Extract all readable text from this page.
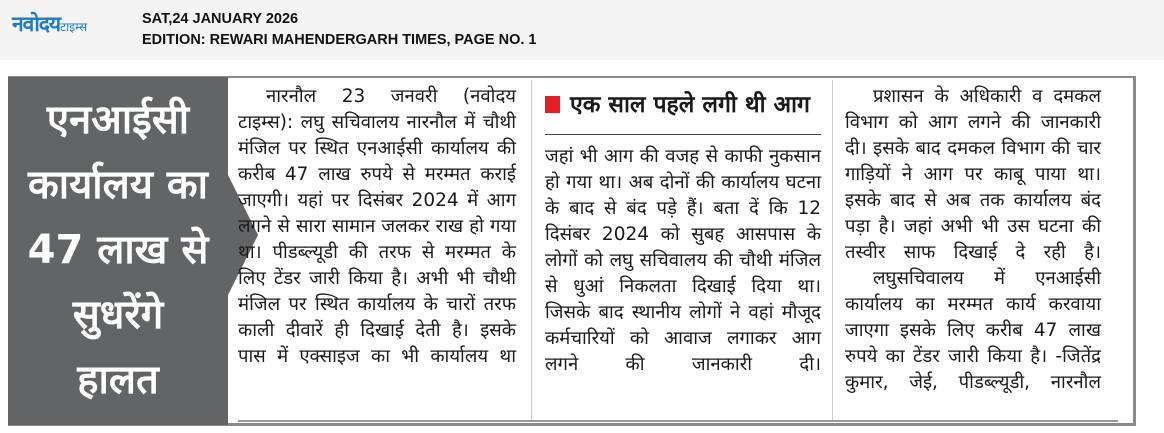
नवोदयटाइम्स	SAT,24 JANUARY 2026
EDITION: REWARI MAHENDERGARH TIMES, PAGE NO. 1
एनआईसी
कार्यालय का
47 लाख से
सुधरेंगे
हालत

नारनौल 23 जनवरी (नवोदय टाइम्स): लघु सचिवालय नारनौल में चौथी मंजिल पर स्थित एनआईसी कार्यालय की करीब 47 लाख रुपये से मरम्मत कराई जाएगी। यहां पर दिसंबर 2024 में आग लगने से सारा सामान जलकर राख हो गया था। पीडब्ल्यूडी की तरफ से मरम्मत के लिए टेंडर जारी किया है। अभी भी चौथी मंजिल पर स्थित कार्यालय के चारों तरफ काली दीवारें ही दिखाई देती है। इसके पास में एक्साइज का भी कार्यालय था

एक साल पहले लगी थी आग

जहां भी आग की वजह से काफी नुकसान हो गया था। अब दोनों की कार्यालय घटना के बाद से बंद पड़े हैं। बता दें कि 12 दिसंबर 2024 को सुबह आसपास के लोगों को लघु सचिवालय की चौथी मंजिल से धुआं निकलता दिखाई दिया था। जिसके बाद स्थानीय लोगों ने वहां मौजूद कर्मचारियों को आवाज लगाकर आग लगने की जानकारी दी।

प्रशासन के अधिकारी व दमकल विभाग को आग लगने की जानकारी दी। इसके बाद दमकल विभाग की चार गाड़ियों ने आग पर काबू पाया था। इसके बाद से अब तक कार्यालय बंद पड़ा है। जहां अभी भी उस घटना की तस्वीर साफ दिखाई दे रही है।

लघुसचिवालय में एनआईसी कार्यालय का मरम्मत कार्य करवाया जाएगा इसके लिए करीब 47 लाख रुपये का टेंडर जारी किया है। -जितेंद्र कुमार, जेई, पीडब्ल्यूडी, नारनौल
